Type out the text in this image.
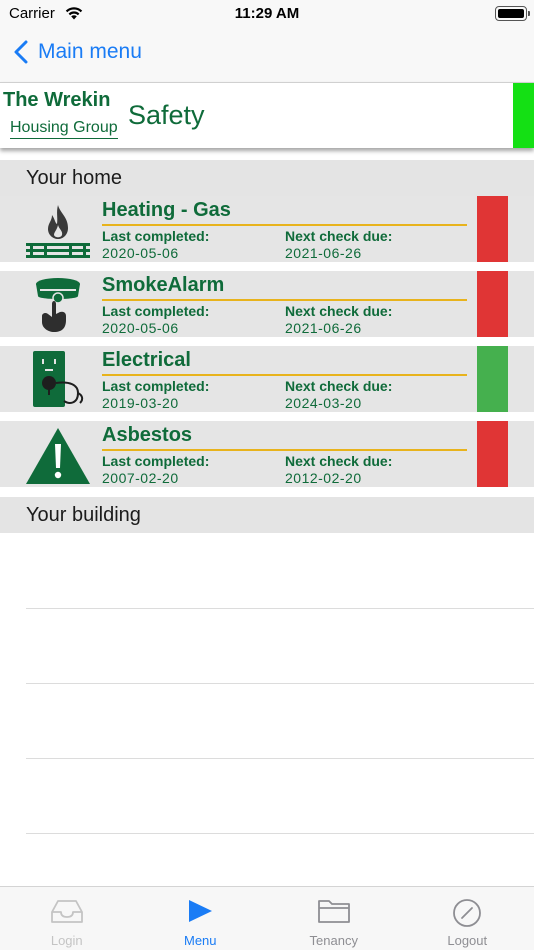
Carrier	11:29 AM
Main menu
The Wrekin
Housing Group Safety
Your home
Heating - Gas
Last completed:	Next check due:
2020-05-06	2021-06-26
SmokeAlarm
Last completed:	Next check due:
2020-05-06	2021-06-26
Electrical
Last completed:	Next check due:
2019-03-20	2024-03-20
Asbestos
Last completed:	Next check due:
2007-02-20	2012-02-20
Your building
Login	Menu	Tenancy	Logout
